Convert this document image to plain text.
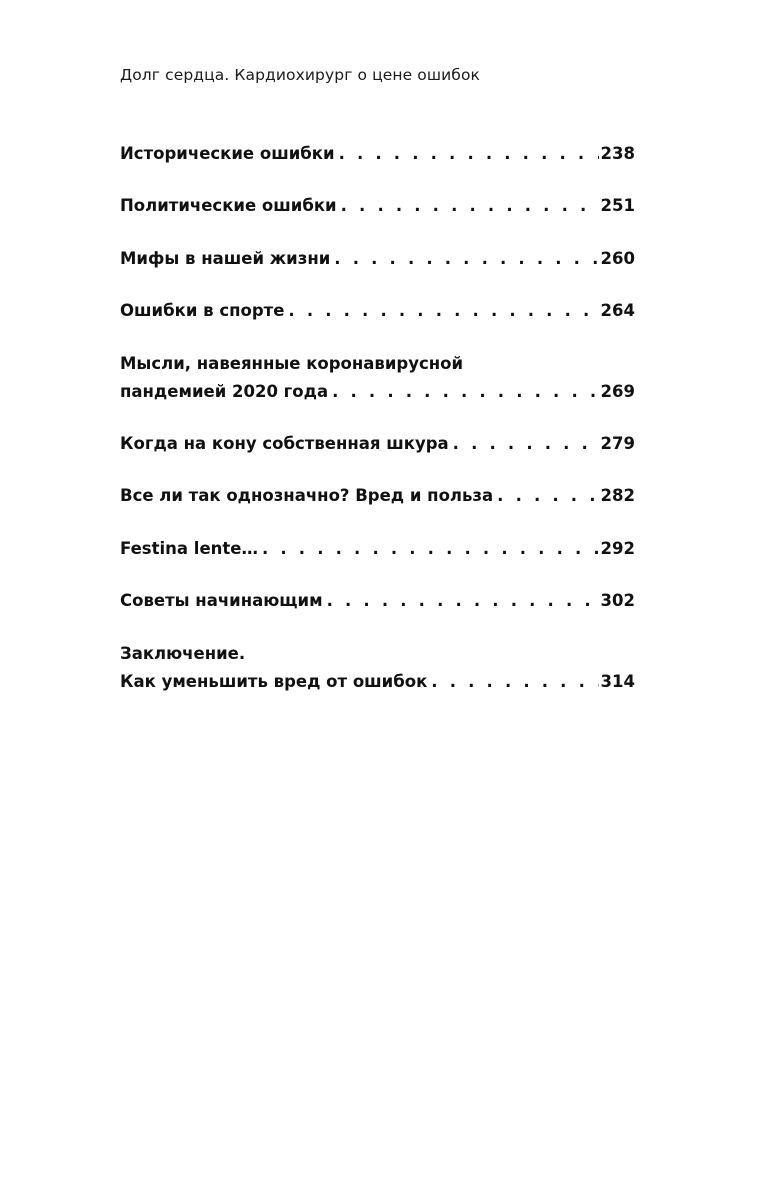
Долг сердца. Кардиохирург о цене ошибок
Исторические ошибки . . .	238
Политические ошибки . . .	251
Мифы в нашей жизни . . .	260
Ошибки в спорте . . .	264
Мысли, навеянные коронавирусной
пандемией 2020 года . . .	269
Когда на кону собственная шкура . . .	279
Все ли так однозначно? Вред и польза . . .	282
Festina lente… . . .	292
Советы начинающим . . .	302
Заключение.
Как уменьшить вред от ошибок . . .	314
